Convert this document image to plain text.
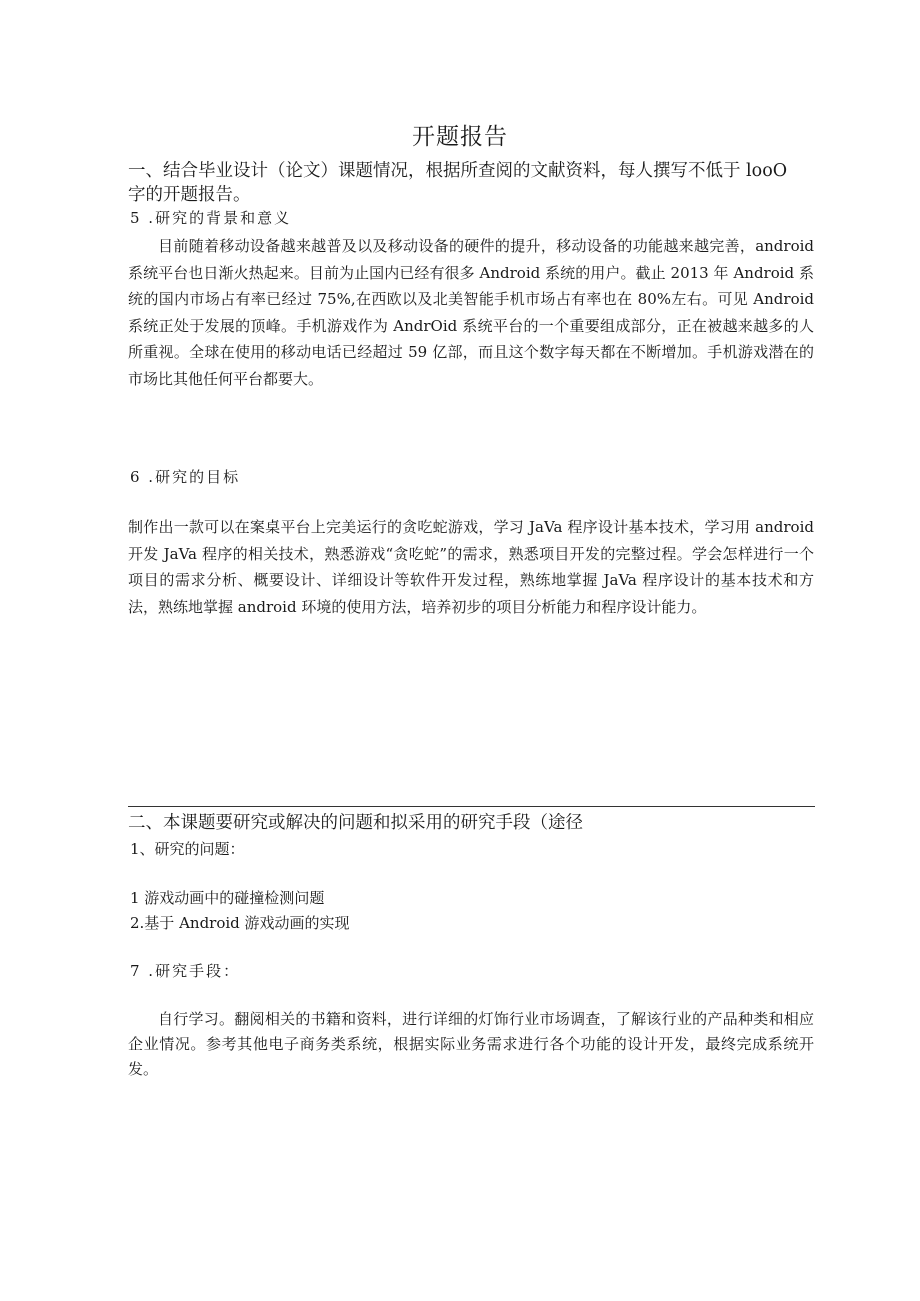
开题报告
一、结合毕业设计（论文）课题情况，根据所查阅的文献资料，每人撰写不低于 looO
字的开题报告。
5 .研究的背景和意义
目前随着移动设备越来越普及以及移动设备的硬件的提升，移动设备的功能越来越完善，android 系统平台也日渐火热起来。目前为止国内已经有很多 Android 系统的用户。截止 2013 年 Android 系统的国内市场占有率已经过 75%,在西欧以及北美智能手机市场占有率也在 80%左右。可见 Android 系统正处于发展的顶峰。手机游戏作为 AndrOid 系统平台的一个重要组成部分，正在被越来越多的人所重视。全球在使用的移动电话已经超过 59 亿部，而且这个数字每天都在不断增加。手机游戏潜在的市场比其他任何平台都要大。
6 .研究的目标
制作出一款可以在案桌平台上完美运行的贪吃蛇游戏，学习 JaVa 程序设计基本技术，学习用 android 开发 JaVa 程序的相关技术，熟悉游戏“贪吃蛇”的需求，熟悉项目开发的完整过程。学会怎样进行一个项目的需求分析、概要设计、详细设计等软件开发过程，熟练地掌握 JaVa 程序设计的基本技术和方法，熟练地掌握 android 环境的使用方法，培养初步的项目分析能力和程序设计能力。
二、本课题要研究或解决的问题和拟采用的研究手段（途径
1、研究的问题：
1 游戏动画中的碰撞检测问题
2.基于 Android 游戏动画的实现
7 .研究手段：
自行学习。翻阅相关的书籍和资料，进行详细的灯饰行业市场调查，了解该行业的产品种类和相应企业情况。参考其他电子商务类系统，根据实际业务需求进行各个功能的设计开发，最终完成系统开发。
